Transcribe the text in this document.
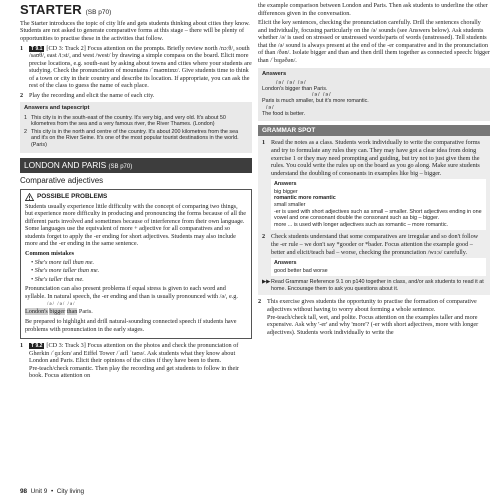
STARTER (SB p70)

The Starter introduces the topic of city life and gets students thinking about cities they know. Students are not asked to generate comparative forms at this stage – there will be plenty of opportunities to practise these in the activities that follow.

1	T 9.1 [CD 3: Track 2] Focus attention on the prompts. Briefly review north /nɔːθ/, south /saʊθ/, east /iːst/, and west /west/ by drawing a simple compass on the board. Elicit more precise locations, e.g. south-east by asking about towns and cities where your students are studying. Check the pronunciation of mountains /ˈmaʊntɪnz/. Give students time to think of a town or city in their country and describe its location. If appropriate, you can ask the rest of the class to guess the name of each place.
2 Play the recording and elicit the name of each city.
Answers and tapescript
1 This city is in the south-east of the country. It's very big, and very old. It's about 50 kilometres from the sea and a very famous river, the River Thames. (London)
2 This city is in the north and centre of the country. It's about 200 kilometres from the sea and it's on the River Seine. It's one of the most popular tourist destinations in the world. (Paris)
LONDON AND PARIS (SB p70)
Comparative adjectives
POSSIBLE PROBLEMS

Students usually experience little difficulty with the concept of comparing two things, but experience more difficulty in producing and pronouncing the forms because of all the different parts involved and sometimes because of interference from their own language. Some languages use the equivalent of more + adjective for all comparatives and so students forget to apply the -er ending for short adjectives. Students may also include more and the -er ending in the same sentence.

Common mistakes
• She's more tall than me.
• She's more taller than me.
• She's taller that me.

Pronunciation can also present problems if equal stress is given to each word and syllable. In natural speech, the -er ending and than is usually pronounced with /ə/, e.g.

/ə/ /ə/ /ə/

London's bigger than Paris.

Be prepared to highlight and drill natural-sounding connected speech if students have problems with pronunciation in the early stages.

1	T 9.2 [CD 3: Track 3] Focus attention on the photos and check the pronunciation of Gherkin /ˈɡɜːkɪn/ and Eiffel Tower /ˈaɪfl ˈtaʊə/. Ask students what they know about London and Paris. Elicit their opinions of the cities if they have been to them.
Pre-teach/check romantic. Then play the recording and get students to follow in their book. Focus attention on

the example comparison between London and Paris. Then ask students to underline the other differences given in the conversation.

Elicit the key sentences, checking the pronunciation carefully. Drill the sentences chorally and individually, focusing particularly on the /ə/ sounds (see Answers below). Ask students whether /ə/ is used on stressed or unstressed words/parts of words (unstressed). Tell students that the /ə/ sound is always present at the end of the -er comparative and in the pronunciation of than /ðən/. Isolate bigger and than and then drill them together as connected speech: bigger than /ˈbɪɡəðən/.

Answers
/ə/ /ə/ /ə/
London's bigger than Paris.
/ə/ /ə/
Paris is much smaller, but it's more romantic.
/ə/
The food is better.
GRAMMAR SPOT
1 Read the notes as a class. Students work individually to write the comparative forms and try to formulate any rules they can. They may have got a clear idea from doing exercise 1 or they may need prompting and guiding, but try not to just give them the rules. You could write the rules up on the board as you go along. Make sure students understand the doubling of consonants in examples like big – bigger.
Answers
big bigger
romantic more romantic
small smaller
-er is used with short adjectives such as small – smaller. Short adjectives ending in one vowel and one consonant double the consonant such as big – bigger.
more ... is used with longer adjectives such as romantic – more romantic.
2 Check students understand that some comparatives are irregular and so don't follow the -er rule – we don't say *gooder or *bader. Focus attention the example good – better and elicit/teach bad – worse, checking the pronunciation /wɜːs/ carefully.
Answers
good better bad worse
▶▶ Read Grammar Reference 9.1 on p140 together in class, and/or ask students to read it at home. Encourage them to ask you questions about it.
2 This exercise gives students the opportunity to practise the formation of comparative adjectives without having to worry about forming a whole sentence.
Pre-teach/check tall, wet, and polite. Focus attention on the examples taller and more expensive. Ask why '-er' and why 'more'? (-er with short adjectives, more with longer adjectives). Students work individually to write the
98 Unit 9 • City living
